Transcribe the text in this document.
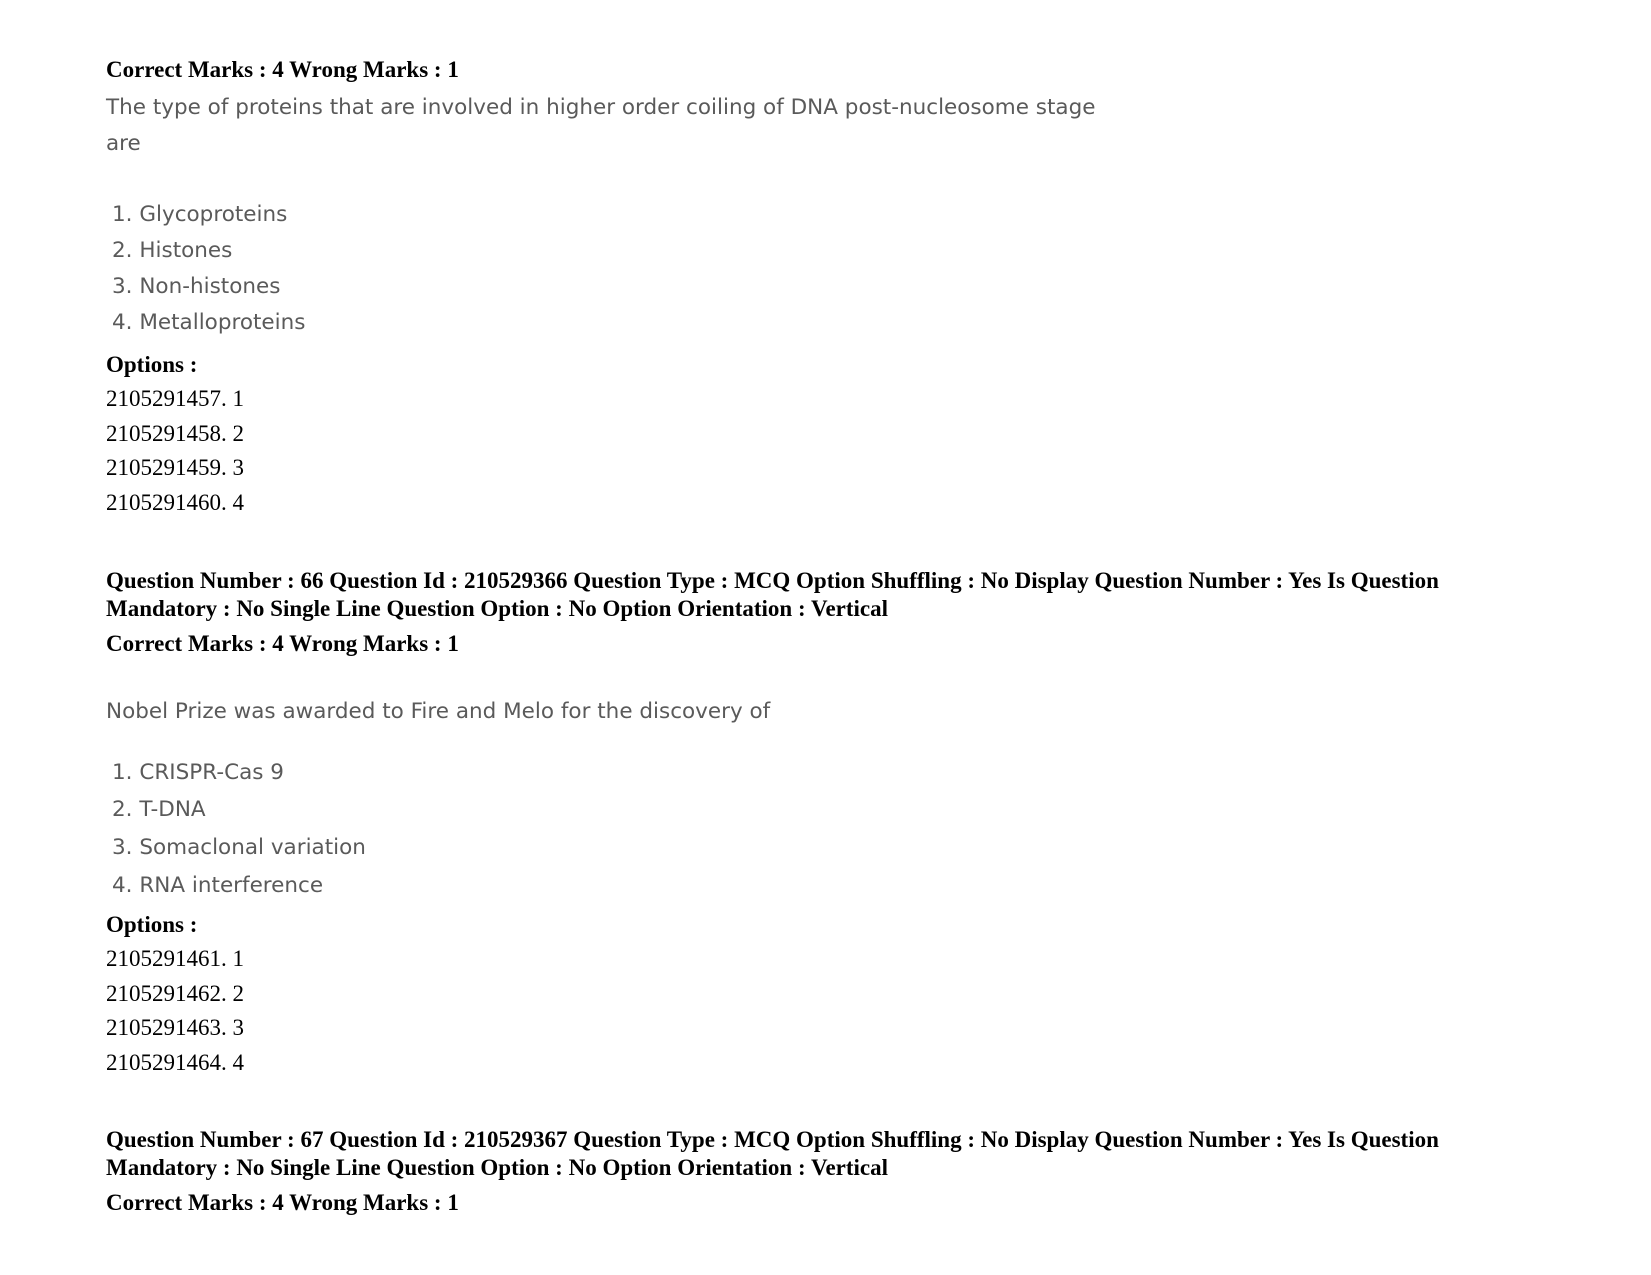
Correct Marks : 4 Wrong Marks : 1
The type of proteins that are involved in higher order coiling of DNA post-nucleosome stage
are
1. Glycoproteins
2. Histones
3. Non-histones
4. Metalloproteins
Options :
2105291457. 1
2105291458. 2
2105291459. 3
2105291460. 4
Question Number : 66 Question Id : 210529366 Question Type : MCQ Option Shuffling : No Display Question Number : Yes Is Question
Mandatory : No Single Line Question Option : No Option Orientation : Vertical
Correct Marks : 4 Wrong Marks : 1
Nobel Prize was awarded to Fire and Melo for the discovery of
1. CRISPR-Cas 9
2. T-DNA
3. Somaclonal variation
4. RNA interference
Options :
2105291461. 1
2105291462. 2
2105291463. 3
2105291464. 4
Question Number : 67 Question Id : 210529367 Question Type : MCQ Option Shuffling : No Display Question Number : Yes Is Question
Mandatory : No Single Line Question Option : No Option Orientation : Vertical
Correct Marks : 4 Wrong Marks : 1
